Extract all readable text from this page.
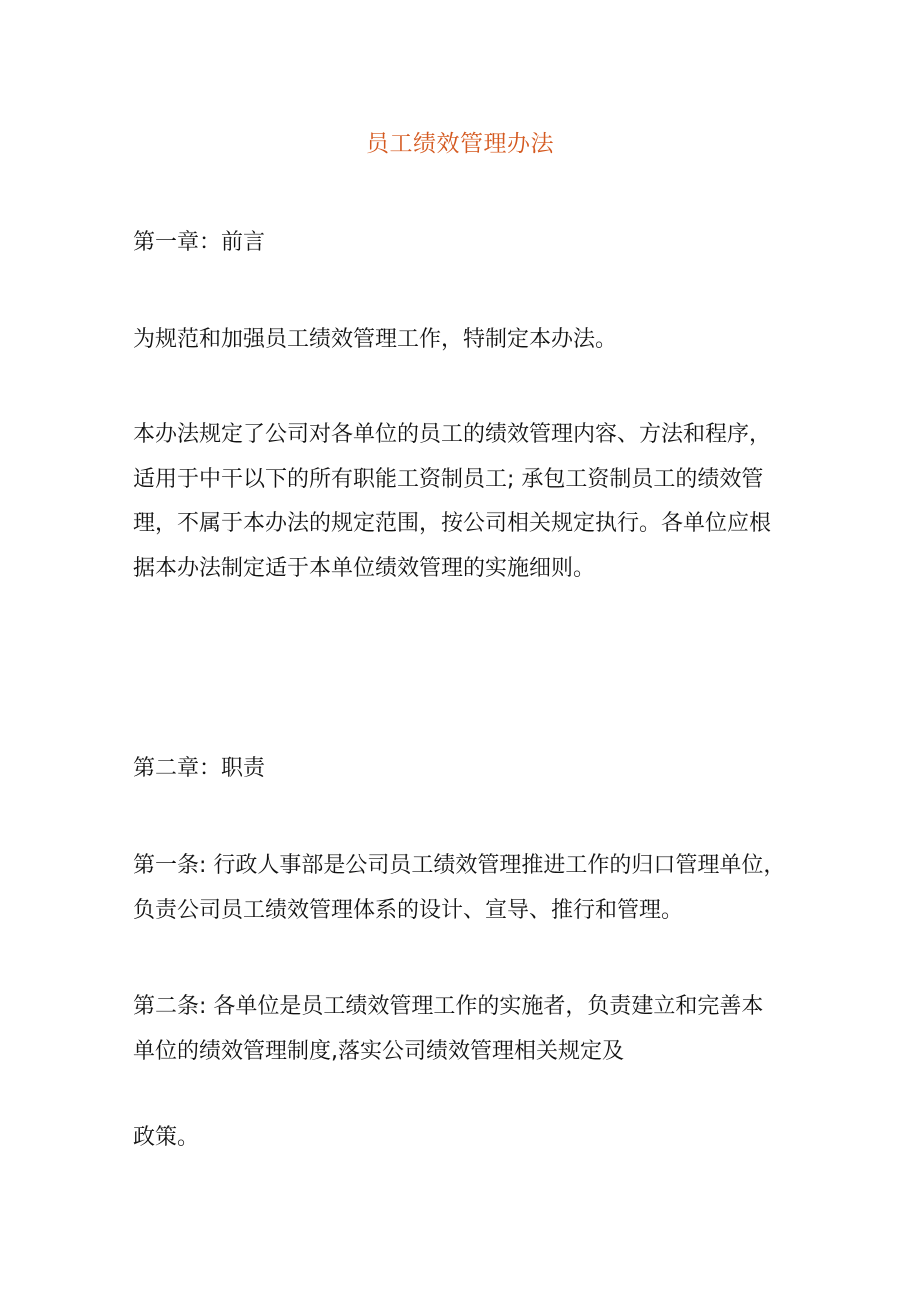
员工绩效管理办法
第一章：前言
为规范和加强员工绩效管理工作，特制定本办法。
本办法规定了公司对各单位的员工的绩效管理内容、方法和程序，
适用于中干以下的所有职能工资制员工; 承包工资制员工的绩效管
理，不属于本办法的规定范围，按公司相关规定执行。各单位应根
据本办法制定适于本单位绩效管理的实施细则。
第二章：职责
第一条: 行政人事部是公司员工绩效管理推进工作的归口管理单位，
负责公司员工绩效管理体系的设计、宣导、推行和管理。
第二条: 各单位是员工绩效管理工作的实施者，负责建立和完善本
单位的绩效管理制度,落实公司绩效管理相关规定及
政策。
